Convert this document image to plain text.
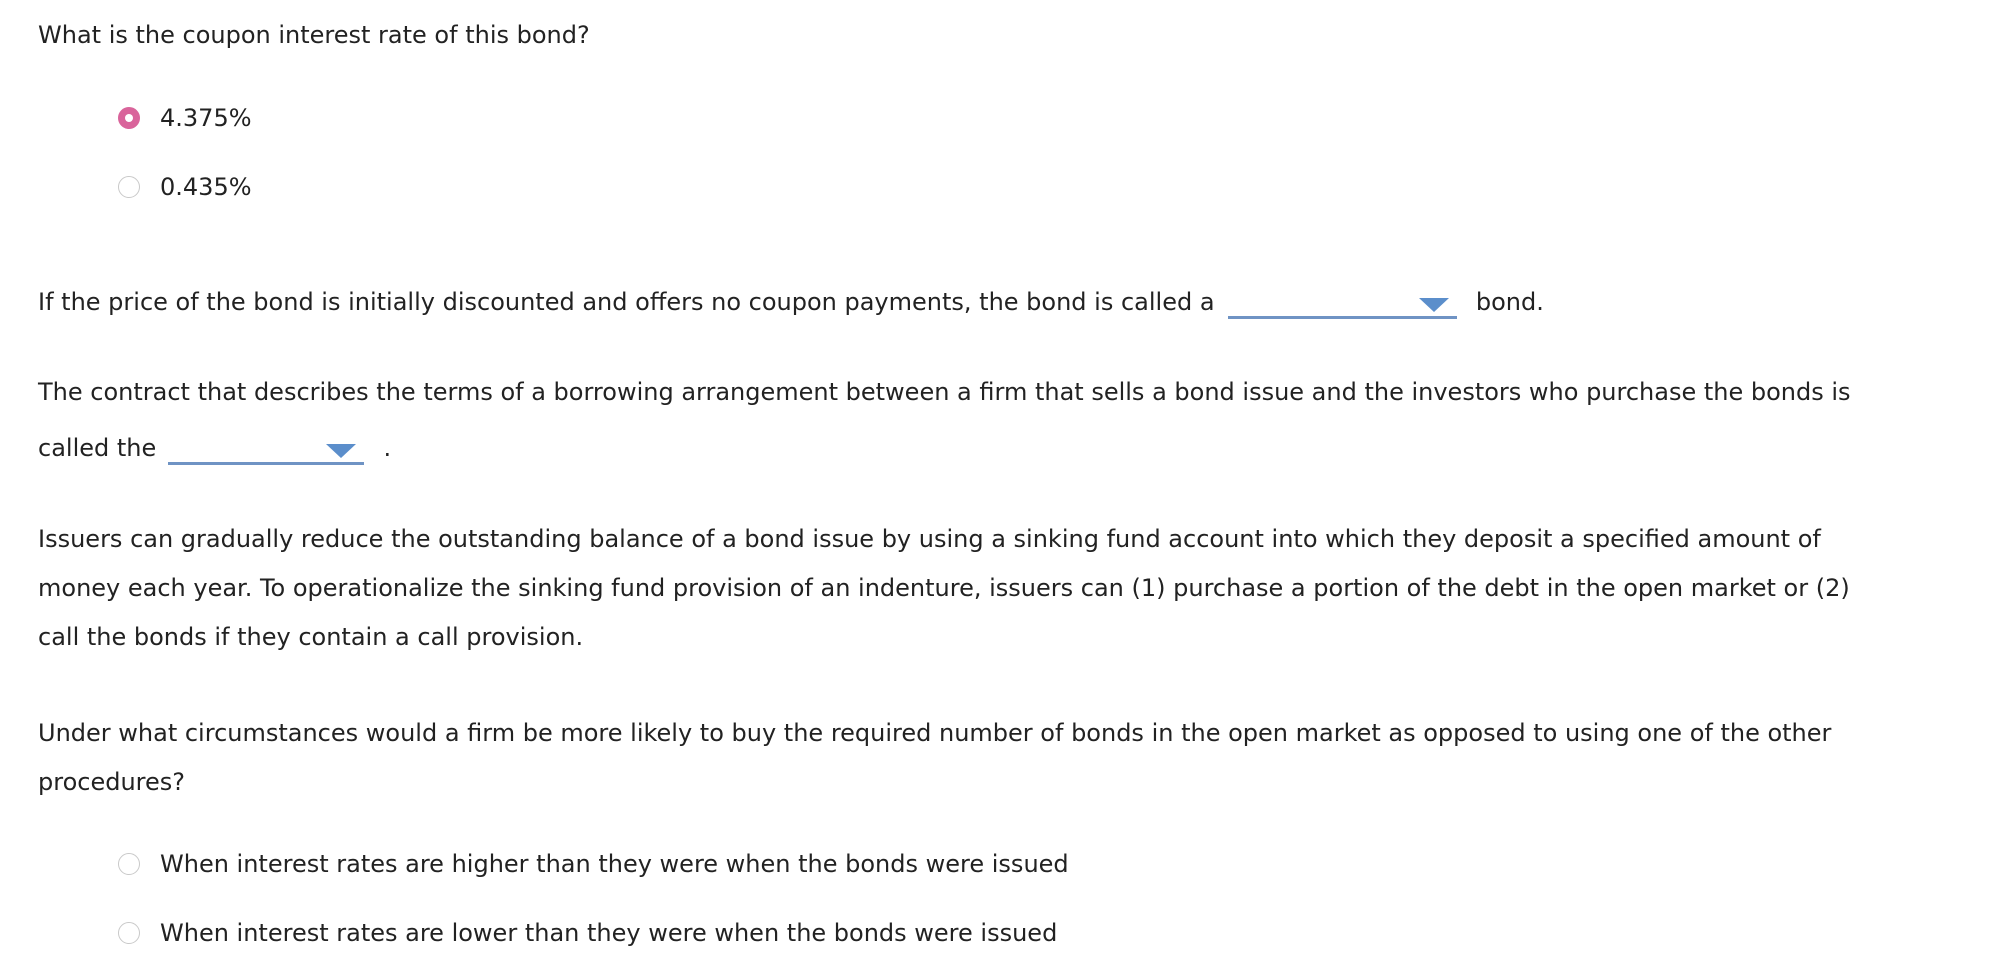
What is the coupon interest rate of this bond?
4.375%
0.435%
If the price of the bond is initially discounted and offers no coupon payments, the bond is called a	bond.
The contract that describes the terms of a borrowing arrangement between a firm that sells a bond issue and the investors who purchase the bonds is
called the	.
Issuers can gradually reduce the outstanding balance of a bond issue by using a sinking fund account into which they deposit a specified amount of
money each year. To operationalize the sinking fund provision of an indenture, issuers can (1) purchase a portion of the debt in the open market or (2)
call the bonds if they contain a call provision.
Under what circumstances would a firm be more likely to buy the required number of bonds in the open market as opposed to using one of the other
procedures?
When interest rates are higher than they were when the bonds were issued
When interest rates are lower than they were when the bonds were issued
